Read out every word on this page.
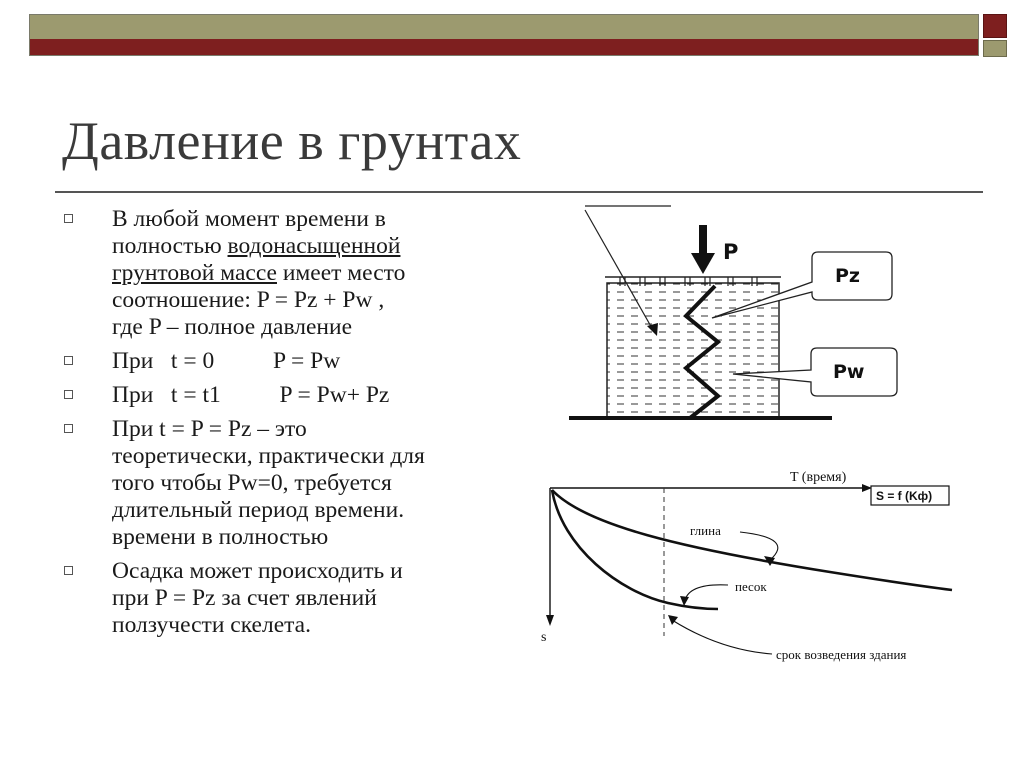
Давление в грунтах
В любой момент времени в
полностью водонасыщенной
грунтовой массе имеет место
соотношение: P = Pz + Pw ,
где P – полное давление
При   t = 0          P = Pw
При   t = t1          P = Pw+ Pz
При t = P = Pz – это
теоретически, практически для
того чтобы Pw=0, требуется
длительный период времени.
времени в полностью
Осадка может происходить и
при P = Pz за счет явлений
ползучести скелета.
P
Pz
Pw
T (время)
S = f (Kф)
s
глина
песок
срок возведения здания
